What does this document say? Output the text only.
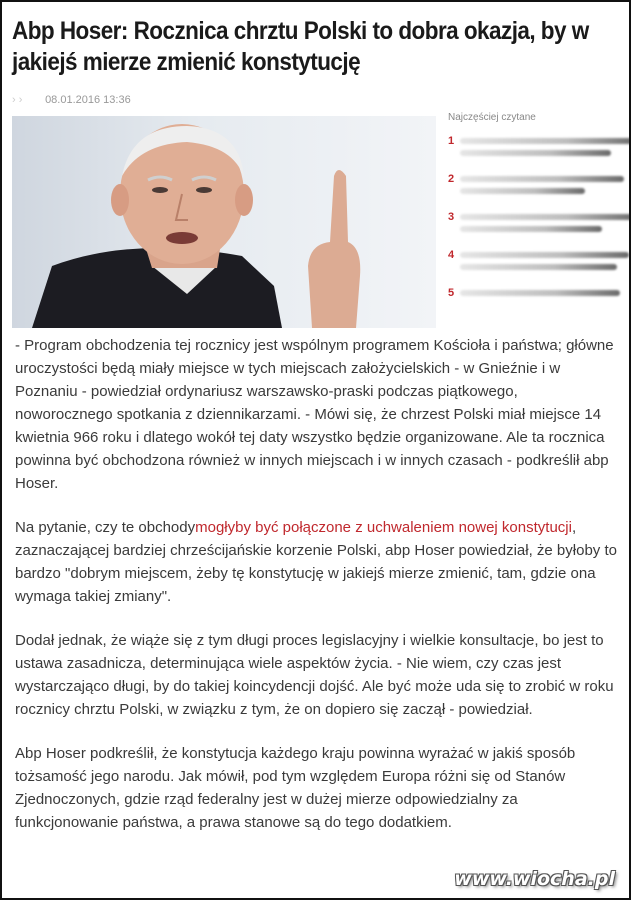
Abp Hoser: Rocznica chrztu Polski to dobra okazja, by w jakiejś mierze zmienić konstytucję
› › 08.01.2016 13:36
Najczęściej czytane
1
2
3
4
5

- Program obchodzenia tej rocznicy jest wspólnym programem Kościoła i państwa; główne uroczystości będą miały miejsce w tych miejscach założycielskich - w Gnieźnie i w Poznaniu - powiedział ordynariusz warszawsko-praski podczas piątkowego, noworocznego spotkania z dziennikarzami. - Mówi się, że chrzest Polski miał miejsce 14 kwietnia 966 roku i dlatego wokół tej daty wszystko będzie organizowane. Ale ta rocznica powinna być obchodzona również w innych miejscach i w innych czasach - podkreślił abp Hoser.

Na pytanie, czy te obchodymogłyby być połączone z uchwaleniem nowej konstytucji, zaznaczającej bardziej chrześcijańskie korzenie Polski, abp Hoser powiedział, że byłoby to bardzo "dobrym miejscem, żeby tę konstytucję w jakiejś mierze zmienić, tam, gdzie ona wymaga takiej zmiany".

Dodał jednak, że wiąże się z tym długi proces legislacyjny i wielkie konsultacje, bo jest to ustawa zasadnicza, determinująca wiele aspektów życia. - Nie wiem, czy czas jest wystarczająco długi, by do takiej koincydencji dojść. Ale być może uda się to zrobić w roku rocznicy chrztu Polski, w związku z tym, że on dopiero się zaczął - powiedział.

Abp Hoser podkreślił, że konstytucja każdego kraju powinna wyrażać w jakiś sposób tożsamość jego narodu. Jak mówił, pod tym względem Europa różni się od Stanów Zjednoczonych, gdzie rząd federalny jest w dużej mierze odpowiedzialny za funkcjonowanie państwa, a prawa stanowe są do tego dodatkiem.

www.wiocha.pl
